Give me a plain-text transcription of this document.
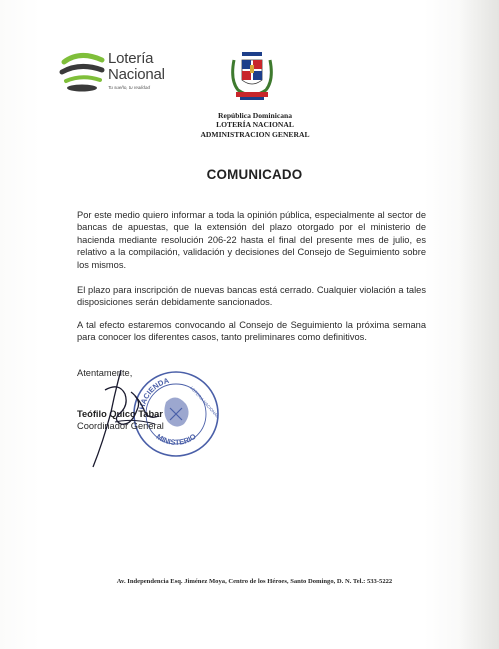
Lotería
Nacional
Tu sueño, tu realidad
República Dominicana
LOTERÍA NACIONAL
ADMINISTRACION GENERAL
COMUNICADO
Por este medio quiero informar a toda la opinión pública, especialmente al sector de bancas de apuestas, que la extensión del plazo otorgado por el ministerio de hacienda mediante resolución 206-22 hasta el final del presente mes de julio, es relativo a la compilación, validación y decisiones del Consejo de Seguimiento sobre los mismos.
El plazo para inscripción de nuevas bancas está cerrado. Cualquier violación a tales disposiciones serán debidamente sancionados.
A tal efecto estaremos convocando al Consejo de Seguimiento la próxima semana para conocer los diferentes casos, tanto preliminares como definitivos.
Atentamente,
HACIENDA
MINISTERIO
LOTERIA NACIONAL
Teófilo Quico Tabar
Coordinador General
Av. Independencia Esq. Jiménez Moya, Centro de los Héroes, Santo Domingo, D. N. Tel.: 533-5222
